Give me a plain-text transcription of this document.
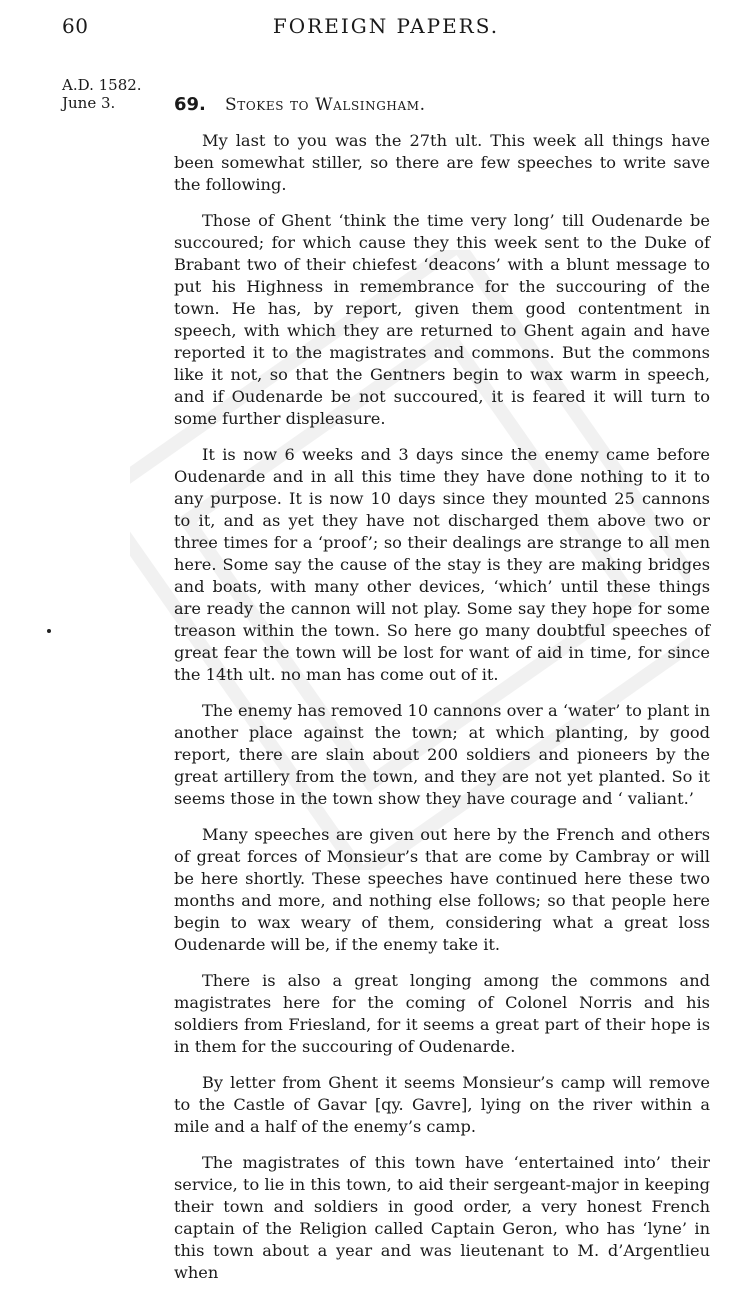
60	FOREIGN PAPERS.
A.D. 1582.
June 3.	69. Stokes to Walsingham.

My last to you was the 27th ult. This week all things have been somewhat stiller, so there are few speeches to write save the following.

Those of Ghent ‘think the time very long’ till Oudenarde be succoured; for which cause they this week sent to the Duke of Brabant two of their chiefest ‘deacons’ with a blunt message to put his Highness in remembrance for the succouring of the town. He has, by report, given them good contentment in speech, with which they are returned to Ghent again and have reported it to the magistrates and commons. But the commons like it not, so that the Gentners begin to wax warm in speech, and if Oudenarde be not succoured, it is feared it will turn to some further displeasure.

It is now 6 weeks and 3 days since the enemy came before Oudenarde and in all this time they have done nothing to it to any purpose. It is now 10 days since they mounted 25 cannons to it, and as yet they have not discharged them above two or three times for a ‘proof’; so their dealings are strange to all men here. Some say the cause of the stay is they are making bridges and boats, with many other devices, ‘which’ until these things are ready the cannon will not play. Some say they hope for some treason within the town. So here go many doubtful speeches of great fear the town will be lost for want of aid in time, for since the 14th ult. no man has come out of it.

The enemy has removed 10 cannons over a ‘water’ to plant in another place against the town; at which planting, by good report, there are slain about 200 soldiers and pioneers by the great artillery from the town, and they are not yet planted. So it seems those in the town show they have courage and ‘ valiant.’

Many speeches are given out here by the French and others of great forces of Monsieur’s that are come by Cambray or will be here shortly. These speeches have continued here these two months and more, and nothing else follows; so that people here begin to wax weary of them, considering what a great loss Oudenarde will be, if the enemy take it.

There is also a great longing among the commons and magistrates here for the coming of Colonel Norris and his soldiers from Friesland, for it seems a great part of their hope is in them for the succouring of Oudenarde.

By letter from Ghent it seems Monsieur’s camp will remove to the Castle of Gavar [qy. Gavre], lying on the river within a mile and a half of the enemy’s camp.

The magistrates of this town have ‘entertained into’ their service, to lie in this town, to aid their sergeant-major in keeping their town and soldiers in good order, a very honest French captain of the Religion called Captain Geron, who has ‘lyne’ in this town about a year and was lieutenant to M. d’Argentlieu when
